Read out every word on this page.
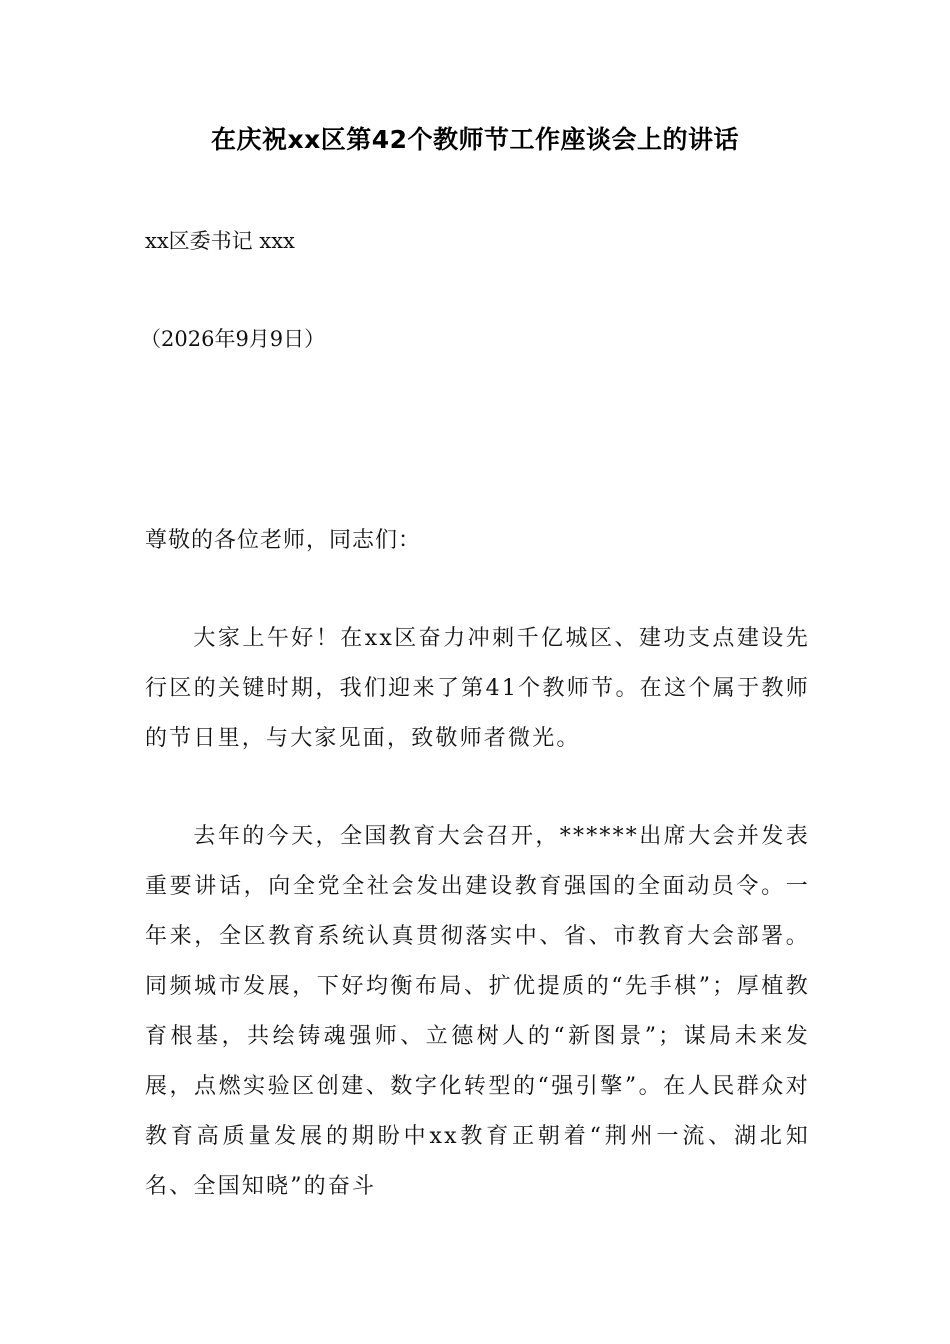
在庆祝xx区第42个教师节工作座谈会上的讲话
xx区委书记 xxx
（2026年9月9日）
尊敬的各位老师，同志们：

大家上午好！在xx区奋力冲刺千亿城区、建功支点建设先行区的关键时期，我们迎来了第41个教师节。在这个属于教师的节日里，与大家见面，致敬师者微光。

去年的今天，全国教育大会召开，******出席大会并发表重要讲话，向全党全社会发出建设教育强国的全面动员令。一年来，全区教育系统认真贯彻落实中、省、市教育大会部署。同频城市发展，下好均衡布局、扩优提质的“先手棋”；厚植教育根基，共绘铸魂强师、立德树人的“新图景”；谋局未来发展，点燃实验区创建、数字化转型的“强引擎”。在人民群众对教育高质量发展的期盼中xx教育正朝着“荆州一流、湖北知名、全国知晓”的奋斗
